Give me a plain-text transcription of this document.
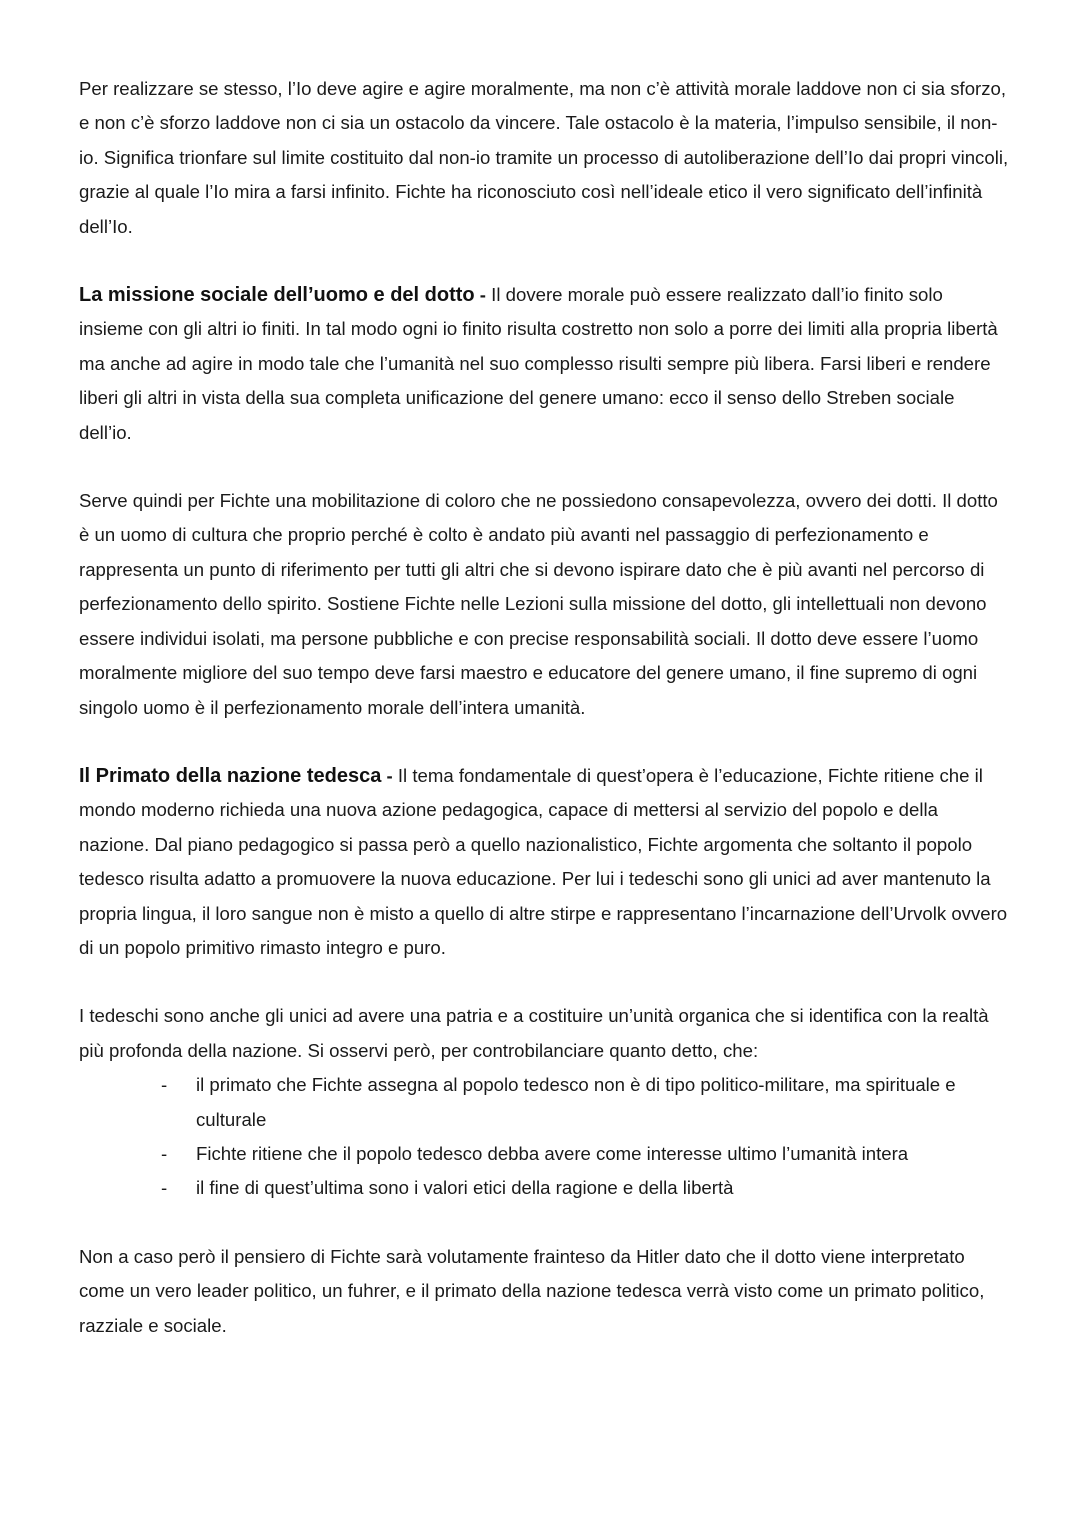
Per realizzare se stesso, l’Io deve agire e agire moralmente, ma non c’è attività morale laddove non ci sia sforzo, e non c’è sforzo laddove non ci sia un ostacolo da vincere. Tale ostacolo è la materia, l’impulso sensibile, il non-io. Significa trionfare sul limite costituito dal non-io tramite un processo di autoliberazione dell’Io dai propri vincoli, grazie al quale l’Io mira a farsi infinito. Fichte ha riconosciuto così nell’ideale etico il vero significato dell’infinità dell’Io.

La missione sociale dell’uomo e del dotto - Il dovere morale può essere realizzato dall’io finito solo insieme con gli altri io finiti. In tal modo ogni io finito risulta costretto non solo a porre dei limiti alla propria libertà ma anche ad agire in modo tale che l’umanità nel suo complesso risulti sempre più libera. Farsi liberi e rendere liberi gli altri in vista della sua completa unificazione del genere umano: ecco il senso dello Streben sociale dell’io.

Serve quindi per Fichte una mobilitazione di coloro che ne possiedono consapevolezza, ovvero dei dotti. Il dotto è un uomo di cultura che proprio perché è colto è andato più avanti nel passaggio di perfezionamento e rappresenta un punto di riferimento per tutti gli altri che si devono ispirare dato che è più avanti nel percorso di perfezionamento dello spirito. Sostiene Fichte nelle Lezioni sulla missione del dotto, gli intellettuali non devono essere individui isolati, ma persone pubbliche e con precise responsabilità sociali. Il dotto deve essere l’uomo moralmente migliore del suo tempo deve farsi maestro e educatore del genere umano, il fine supremo di ogni singolo uomo è il perfezionamento morale dell’intera umanità.

Il Primato della nazione tedesca - Il tema fondamentale di quest’opera è l’educazione, Fichte ritiene che il mondo moderno richieda una nuova azione pedagogica, capace di mettersi al servizio del popolo e della nazione. Dal piano pedagogico si passa però a quello nazionalistico, Fichte argomenta che soltanto il popolo tedesco risulta adatto a promuovere la nuova educazione. Per lui i tedeschi sono gli unici ad aver mantenuto la propria lingua, il loro sangue non è misto a quello di altre stirpe e rappresentano l’incarnazione dell’Urvolk ovvero di un popolo primitivo rimasto integro e puro.

I tedeschi sono anche gli unici ad avere una patria e a costituire un’unità organica che si identifica con la realtà più profonda della nazione. Si osservi però, per controbilanciare quanto detto, che:

- il primato che Fichte assegna al popolo tedesco non è di tipo politico-militare, ma spirituale e culturale
- Fichte ritiene che il popolo tedesco debba avere come interesse ultimo l’umanità intera
- il fine di quest’ultima sono i valori etici della ragione e della libertà

Non a caso però il pensiero di Fichte sarà volutamente frainteso da Hitler dato che il dotto viene interpretato come un vero leader politico, un fuhrer, e il primato della nazione tedesca verrà visto come un primato politico, razziale e sociale.
